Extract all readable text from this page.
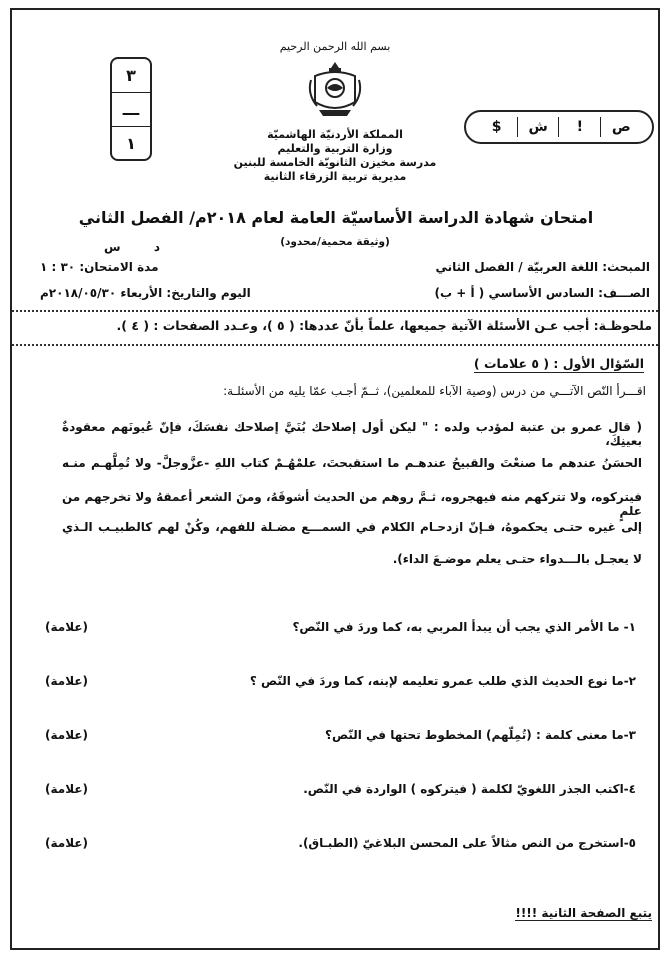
بسم الله الرحمن الرحيم
المملكة الأردنيّة الهاشميّة
وزارة التربية والتعليم
مدرسة مخيزن الثانويّة الخامسة للبنين
مديرية تربية الزرقاء الثانية
٣
ـــ
١
ص
!
ش
$
امتحان شهادة الدراسة الأساسيّة العامة لعام ٢٠١٨م/ الفصل الثاني
(وثيقة محمية/محدود)
د
س
المبحث: اللغة العربيّة / الفصل الثاني
مدة الامتحان: ٣٠ : ١
الصـــف: السادس الأساسي ( أ + ب)
اليوم والتاريخ: الأربعاء ٢٠١٨/٠٥/٣٠م
ملحوظـة: أجب عـن الأسئلة الآتية جميعها، علماً بأنّ عددها: ( ٥ )، وعـدد الصفحات : ( ٤ ).
السّؤال الأول : ( ٥ علامات )
اقـــرأ النّص الآتـــي من درس (وصية الآباء للمعلمين)، ثــمّ أجـب عمّا يليه من الأسئلـة:
( قال عمرو بن عتبة لمؤدب ولده : " ليكن أول إصلاحك بُنَيَّ إصلاحك نفسَكَ، فإنّ عُيونَهم معقودةٌ بعينِكَ،
الحسَنُ عندهم ما صنعْتَ والقبيحُ عندهـم ما استقبحتَ، علمْهُـمْ كتاب اللهِ -عزَّوجلَّ- ولا تُمِلَّهـم منـه
فيتركوه، ولا تتركهم منه فيهجروه، ثـمَّ روهم من الحديث أشوقَهُ، ومنَ الشعر أعمقهُ ولا تخرجهم من علمٍ
إلى غيره حتـى يحكموهُ، فـإنّ ازدحـام الكلام في السمـــع مضـلة للفهم، وكُنْ لهم كالطبيـب الـذي
لا يعجـل بالـــدواء حتـى يعلم موضـعَ الداء).
١- ما الأمر الذي يجب أن يبدأ المربي به، كما وردَ في النّص؟
(علامة)
٢-ما نوع الحديث الذي طلب عمرو تعليمه لإبنه، كما وردَ في النّص ؟
(علامة)
٣-ما معنى كلمة : (تُمِلّهم) المخطوط تحتها في النّص؟
(علامة)
٤-اكتب الجذر اللغويّ لكلمة ( فيتركوه ) الواردة في النّص.
(علامة)
٥-استخرج من النص مثالاً على المحسن البلاغيّ (الطبـاق).
(علامة)
يتبع الصفحة الثانية !!!!
